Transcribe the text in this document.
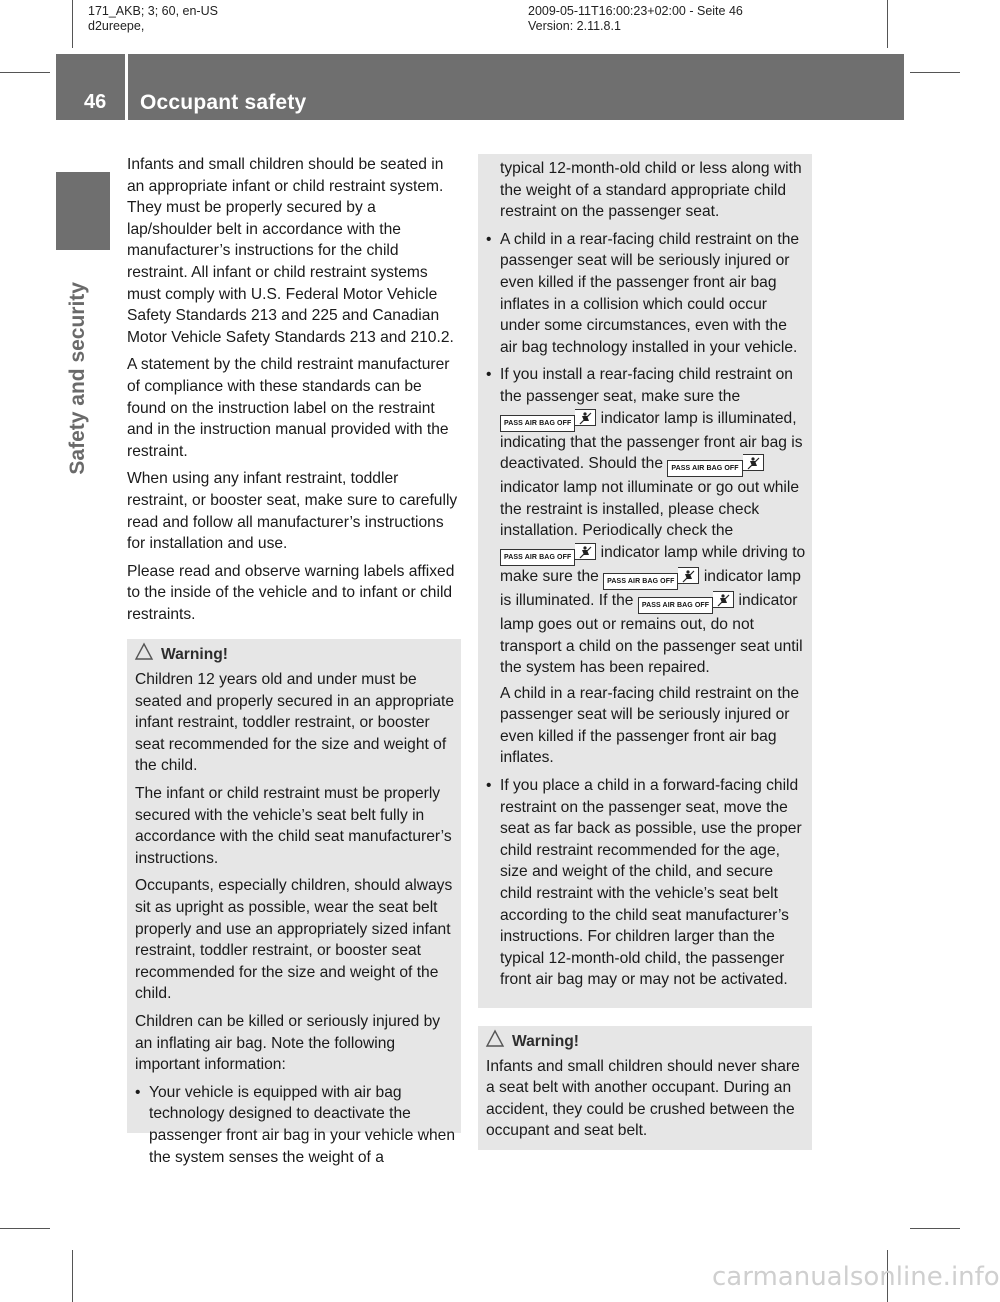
171_AKB; 3; 60, en-US
d2ureepe,
2009-05-11T16:00:23+02:00 - Seite 46
Version: 2.11.8.1
46 Occupant safety
Safety and security

Infants and small children should be seated in an appropriate infant or child restraint system. They must be properly secured by a lap/shoulder belt in accordance with the manufacturer’s instructions for the child restraint. All infant or child restraint systems must comply with U.S. Federal Motor Vehicle Safety Standards 213 and 225 and Canadian Motor Vehicle Safety Standards 213 and 210.2.

A statement by the child restraint manufacturer of compliance with these standards can be found on the instruction label on the restraint and in the instruction manual provided with the restraint.

When using any infant restraint, toddler restraint, or booster seat, make sure to carefully read and follow all manufacturer’s instructions for installation and use.

Please read and observe warning labels affixed to the inside of the vehicle and to infant or child restraints.

Warning!

Children 12 years old and under must be seated and properly secured in an appropriate infant restraint, toddler restraint, or booster seat recommended for the size and weight of the child.

The infant or child restraint must be properly secured with the vehicle’s seat belt fully in accordance with the child seat manufacturer’s instructions.

Occupants, especially children, should always sit as upright as possible, wear the seat belt properly and use an appropriately sized infant restraint, toddler restraint, or booster seat recommended for the size and weight of the child.

Children can be killed or seriously injured by an inflating air bag. Note the following important information:

• Your vehicle is equipped with air bag technology designed to deactivate the passenger front air bag in your vehicle when the system senses the weight of a
typical 12-month-old child or less along with the weight of a standard appropriate child restraint on the passenger seat.
• A child in a rear-facing child restraint on the passenger seat will be seriously injured or even killed if the passenger front air bag inflates in a collision which could occur under some circumstances, even with the air bag technology installed in your vehicle.
• If you install a rear-facing child restraint on the passenger seat, make sure the PASS AIR BAG OFF indicator lamp is illuminated, indicating that the passenger front air bag is deactivated. Should the PASS AIR BAG OFF indicator lamp not illuminate or go out while the restraint is installed, please check installation. Periodically check the PASS AIR BAG OFF indicator lamp while driving to make sure the PASS AIR BAG OFF indicator lamp is illuminated. If the PASS AIR BAG OFF indicator lamp goes out or remains out, do not transport a child on the passenger seat until the system has been repaired.
A child in a rear-facing child restraint on the passenger seat will be seriously injured or even killed if the passenger front air bag inflates.
• If you place a child in a forward-facing child restraint on the passenger seat, move the seat as far back as possible, use the proper child restraint recommended for the age, size and weight of the child, and secure child restraint with the vehicle’s seat belt according to the child seat manufacturer’s instructions. For children larger than the typical 12-month-old child, the passenger front air bag may or may not be activated.
Warning!

Infants and small children should never share a seat belt with another occupant. During an accident, they could be crushed between the occupant and seat belt.

carmanualsonline.info
